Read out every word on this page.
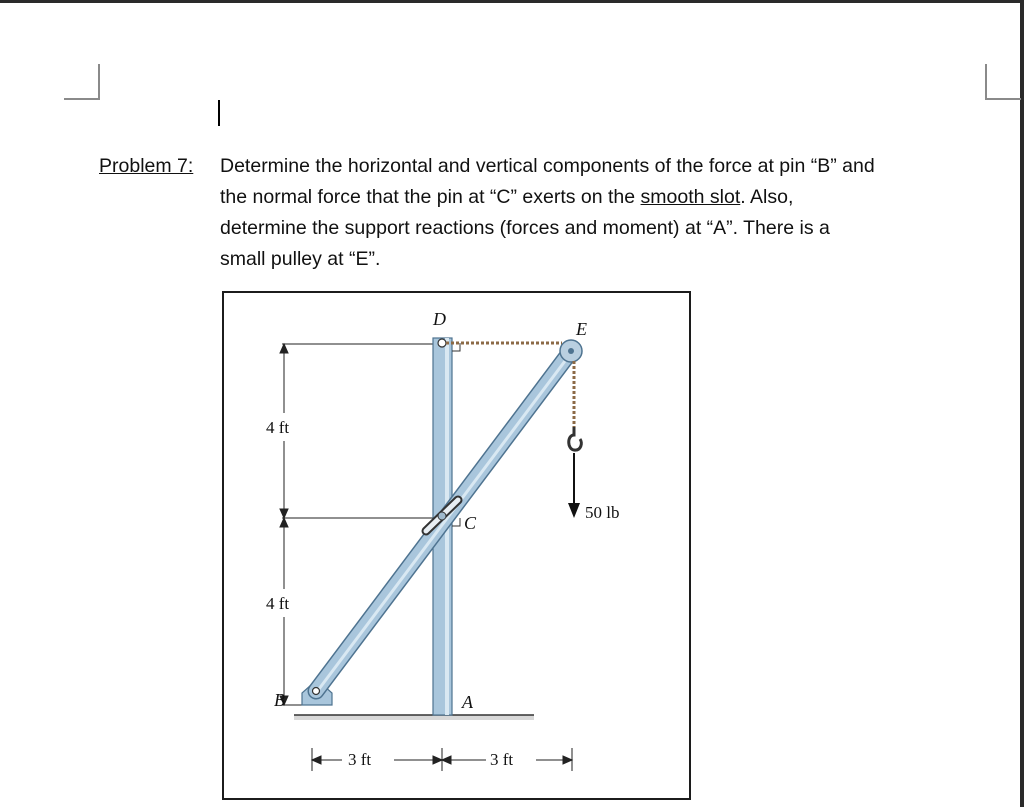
Problem 7: Determine the horizontal and vertical components of the force at pin “B” and
the normal force that the pin at “C” exerts on the smooth slot. Also,
determine the support reactions (forces and moment) at “A”. There is a
small pulley at “E”.
4 ft
4 ft
3 ft	3 ft
50 lb
D	E
C
B	A
